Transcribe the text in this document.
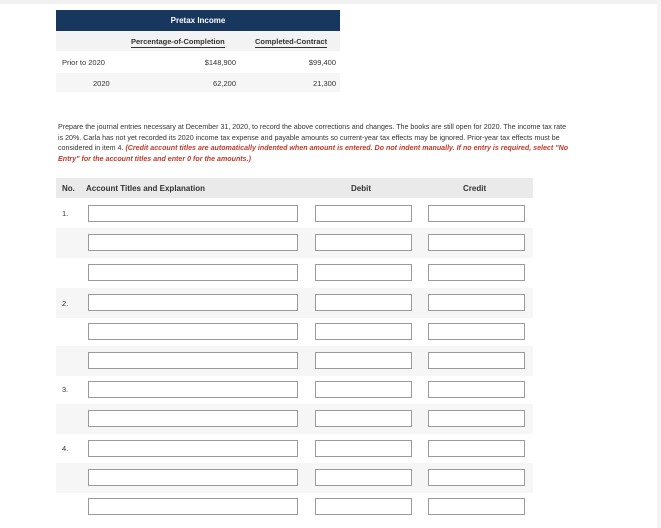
Pretax Income
Percentage-of-Completion	Completed-Contract
Prior to 2020	$148,900	$99,400
2020	62,200	21,300
Prepare the journal entries necessary at December 31, 2020, to record the above corrections and changes. The books are still open for 2020. The income tax rate is 20%. Carla has not yet recorded its 2020 income tax expense and payable amounts so current-year tax effects may be ignored. Prior-year tax effects must be considered in item 4. (Credit account titles are automatically indented when amount is entered. Do not indent manually. If no entry is required, select "No Entry" for the account titles and enter 0 for the amounts.)
No. Account Titles and Explanation	Debit	Credit
1.
2.
3.
4.
